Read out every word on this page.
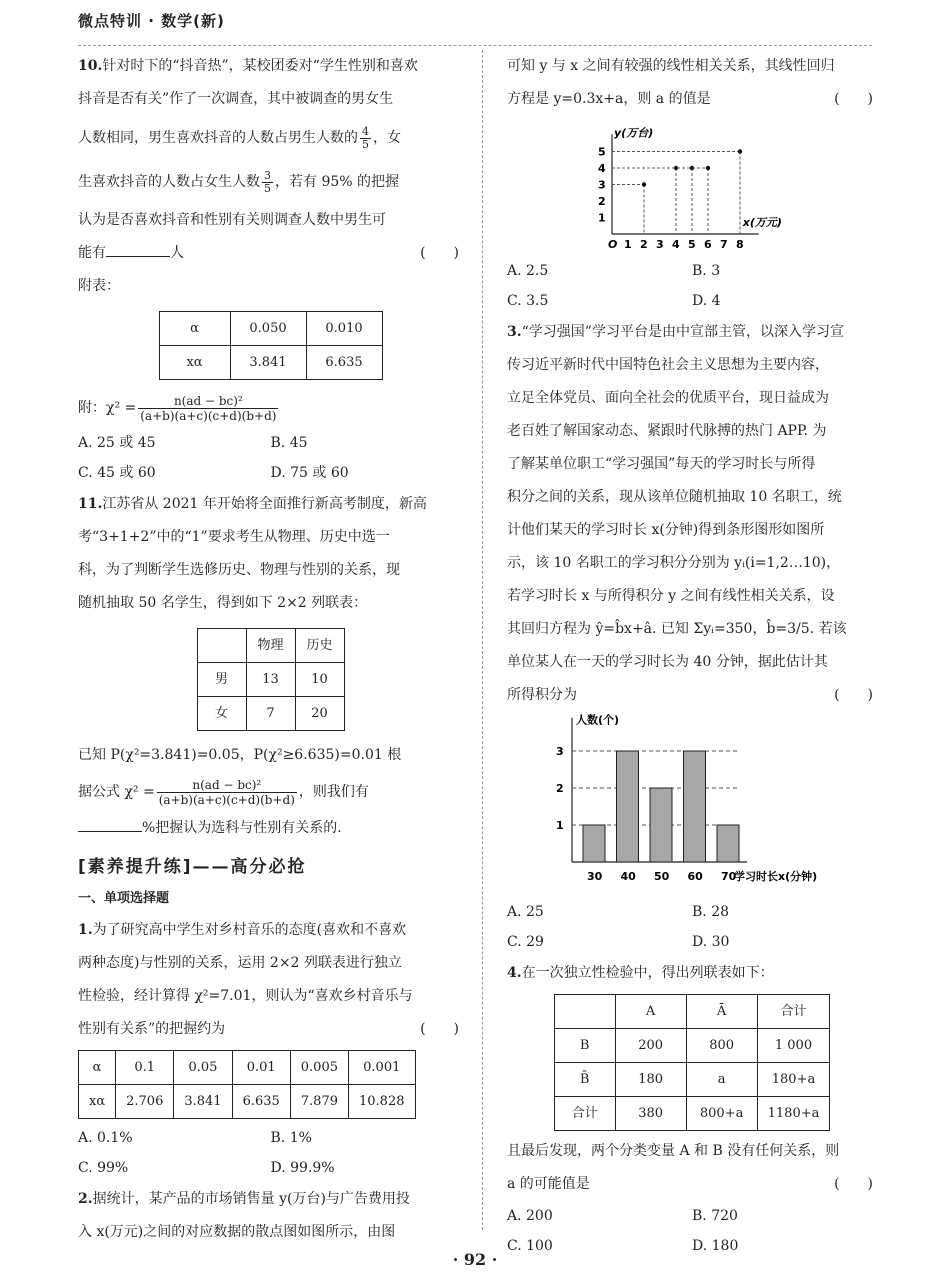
微点特训 · 数学(新)

10.针对时下的“抖音热”，某校团委对“学生性别和喜欢

抖音是否有关”作了一次调查，其中被调查的男女生

人数相同，男生喜欢抖音的人数占男生人数的 $\frac{4}{5}$ ，女

生喜欢抖音的人数占女生人数 $\frac{3}{5}$ ，若有 95% 的把握

认为是否喜欢抖音和性别有关则调查人数中男生可

能有	人	(　　)

附表：

α	0.050	0.010
xα	3.841	6.635

附：$\chi^2 = \frac{\text{n(ad − bc)²}}{(a+b)(a+c)(c+d)(b+d)}$

A. 25 或 45	B. 45
C. 45 或 60	D. 75 或 60

11.江苏省从 2021 年开始将全面推行新高考制度，新高

考“3+1+2”中的“1”要求考生从物理、历史中选一

科，为了判断学生选修历史、物理与性别的关系，现

随机抽取 50 名学生，得到如下 2×2 列联表：

	物理	历史
男	13	10
女	7	20

已知 P(χ²=3.841)=0.05，P(χ²≥6.635)=0.01 根

据公式 $\chi^2 = \frac{\text{n(ad − bc)²}}{(a+b)(a+c)(c+d)(b+d)}$ ，则我们有

%把握认为选科与性别有关系的.

[素养提升练]——高分必抢
一、单项选择题

1.为了研究高中学生对乡村音乐的态度(喜欢和不喜欢

两种态度)与性别的关系，运用 2×2 列联表进行独立

性检验，经计算得 χ²=7.01，则认为“喜欢乡村音乐与

性别有关系”的把握约为	(　　)

α	0.1	0.05	0.01	0.005	0.001
xα	2.706	3.841	6.635	7.879	10.828
A. 0.1%	B. 1%
C. 99%	D. 99.9%

2.据统计，某产品的市场销售量 y(万台)与广告费用投

入 x(万元)之间的对应数据的散点图如图所示，由图

可知 y 与 x 之间有较强的线性相关关系，其线性回归

方程是 y=0.3x+a，则 a 的值是	(　　)

x(万元)
y(万台)
O 1 2 3 4 5 6 7 8
1
2
3
4
5
A. 2.5	B. 3
C. 3.5	D. 4

3.“学习强国”学习平台是由中宣部主管，以深入学习宣

传习近平新时代中国特色社会主义思想为主要内容，

立足全体党员、面向全社会的优质平台，现日益成为

老百姓了解国家动态、紧跟时代脉搏的热门 APP. 为

了解某单位职工“学习强国”每天的学习时长与所得

积分之间的关系，现从该单位随机抽取 10 名职工，统

计他们某天的学习时长 x(分钟)得到条形图形如图所

示，该 10 名职工的学习积分分别为 yᵢ(i=1,2…10)，

若学习时长 x 与所得积分 y 之间有线性相关关系，设

其回归方程为 ŷ=b̂x+â. 已知 Σyᵢ=350，b̂=3/5. 若该

单位某人在一天的学习时长为 40 分钟，据此估计其

所得积分为	(　　)

人数(个)
学习时长x(分钟)
1
2
3
30 40 50 60 70
A. 25	B. 28
C. 29	D. 30

4.在一次独立性检验中，得出列联表如下：

	A	Ā	合计
B	200	800	1 000
B̄	180	a	180+a
合计	380	800+a	1180+a

且最后发现，两个分类变量 A 和 B 没有任何关系，则

a 的可能值是	(　　)

A. 200	B. 720
C. 100	D. 180
· 92 ·
